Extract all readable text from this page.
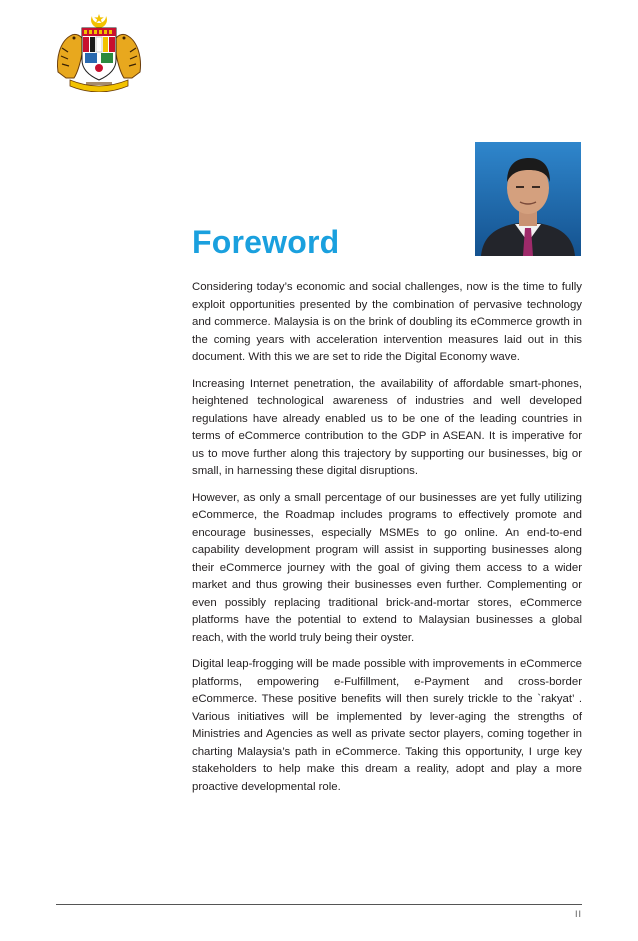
Foreword

Considering today’s economic and social challenges, now is the time to fully exploit opportunities presented by the combination of pervasive technology and commerce. Malaysia is on the brink of doubling its eCommerce growth in the coming years with acceleration intervention measures laid out in this document. With this we are set to ride the Digital Economy wave.

Increasing Internet penetration, the availability of affordable smart-phones, heightened technological awareness of industries and well developed regulations have already enabled us to be one of the leading countries in terms of eCommerce contribution to the GDP in ASEAN. It is imperative for us to move further along this trajectory by supporting our businesses, big or small, in harnessing these digital disruptions.

However, as only a small percentage of our businesses are yet fully utilizing eCommerce, the Roadmap includes programs to effectively promote and encourage businesses, especially MSMEs to go online. An end-to-end capability development program will assist in supporting businesses along their eCommerce journey with the goal of giving them access to a wider market and thus growing their businesses even further. Complementing or even possibly replacing traditional brick-and-mortar stores, eCommerce platforms have the potential to extend to Malaysian businesses a global reach, with the world truly being their oyster.

Digital leap-frogging will be made possible with improvements in eCommerce platforms, empowering e-Fulfillment, e-Payment and cross-border eCommerce. These positive benefits will then surely trickle to the `rakyat’ . Various initiatives will be implemented by lever-aging the strengths of Ministries and Agencies as well as private sector players, coming together in charting Malaysia’s path in eCommerce. Taking this opportunity, I urge key stakeholders to help make this dream a reality, adopt and play a more proactive developmental role.

II
